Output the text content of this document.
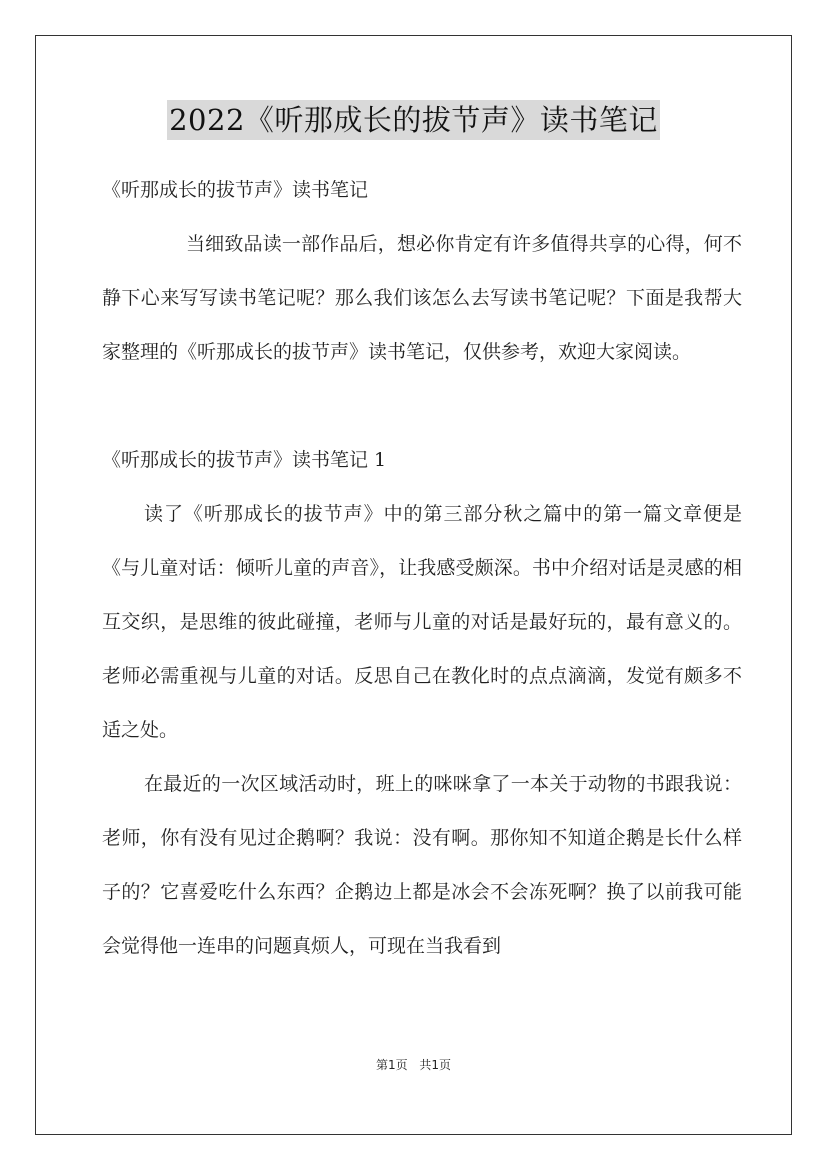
2022《听那成长的拔节声》读书笔记

《听那成长的拔节声》读书笔记

当细致品读一部作品后，想必你肯定有许多值得共享的心得，何不静下心来写写读书笔记呢？那么我们该怎么去写读书笔记呢？下面是我帮大家整理的《听那成长的拔节声》读书笔记，仅供参考，欢迎大家阅读。

《听那成长的拔节声》读书笔记 1

读了《听那成长的拔节声》中的第三部分秋之篇中的第一篇文章便是《与儿童对话：倾听儿童的声音》，让我感受颇深。书中介绍对话是灵感的相互交织，是思维的彼此碰撞，老师与儿童的对话是最好玩的，最有意义的。老师必需重视与儿童的对话。反思自己在教化时的点点滴滴，发觉有颇多不适之处。

在最近的一次区域活动时，班上的咪咪拿了一本关于动物的书跟我说：老师，你有没有见过企鹅啊？我说：没有啊。那你知不知道企鹅是长什么样子的？它喜爱吃什么东西？企鹅边上都是冰会不会冻死啊？换了以前我可能会觉得他一连串的问题真烦人，可现在当我看到

第1页 共1页
